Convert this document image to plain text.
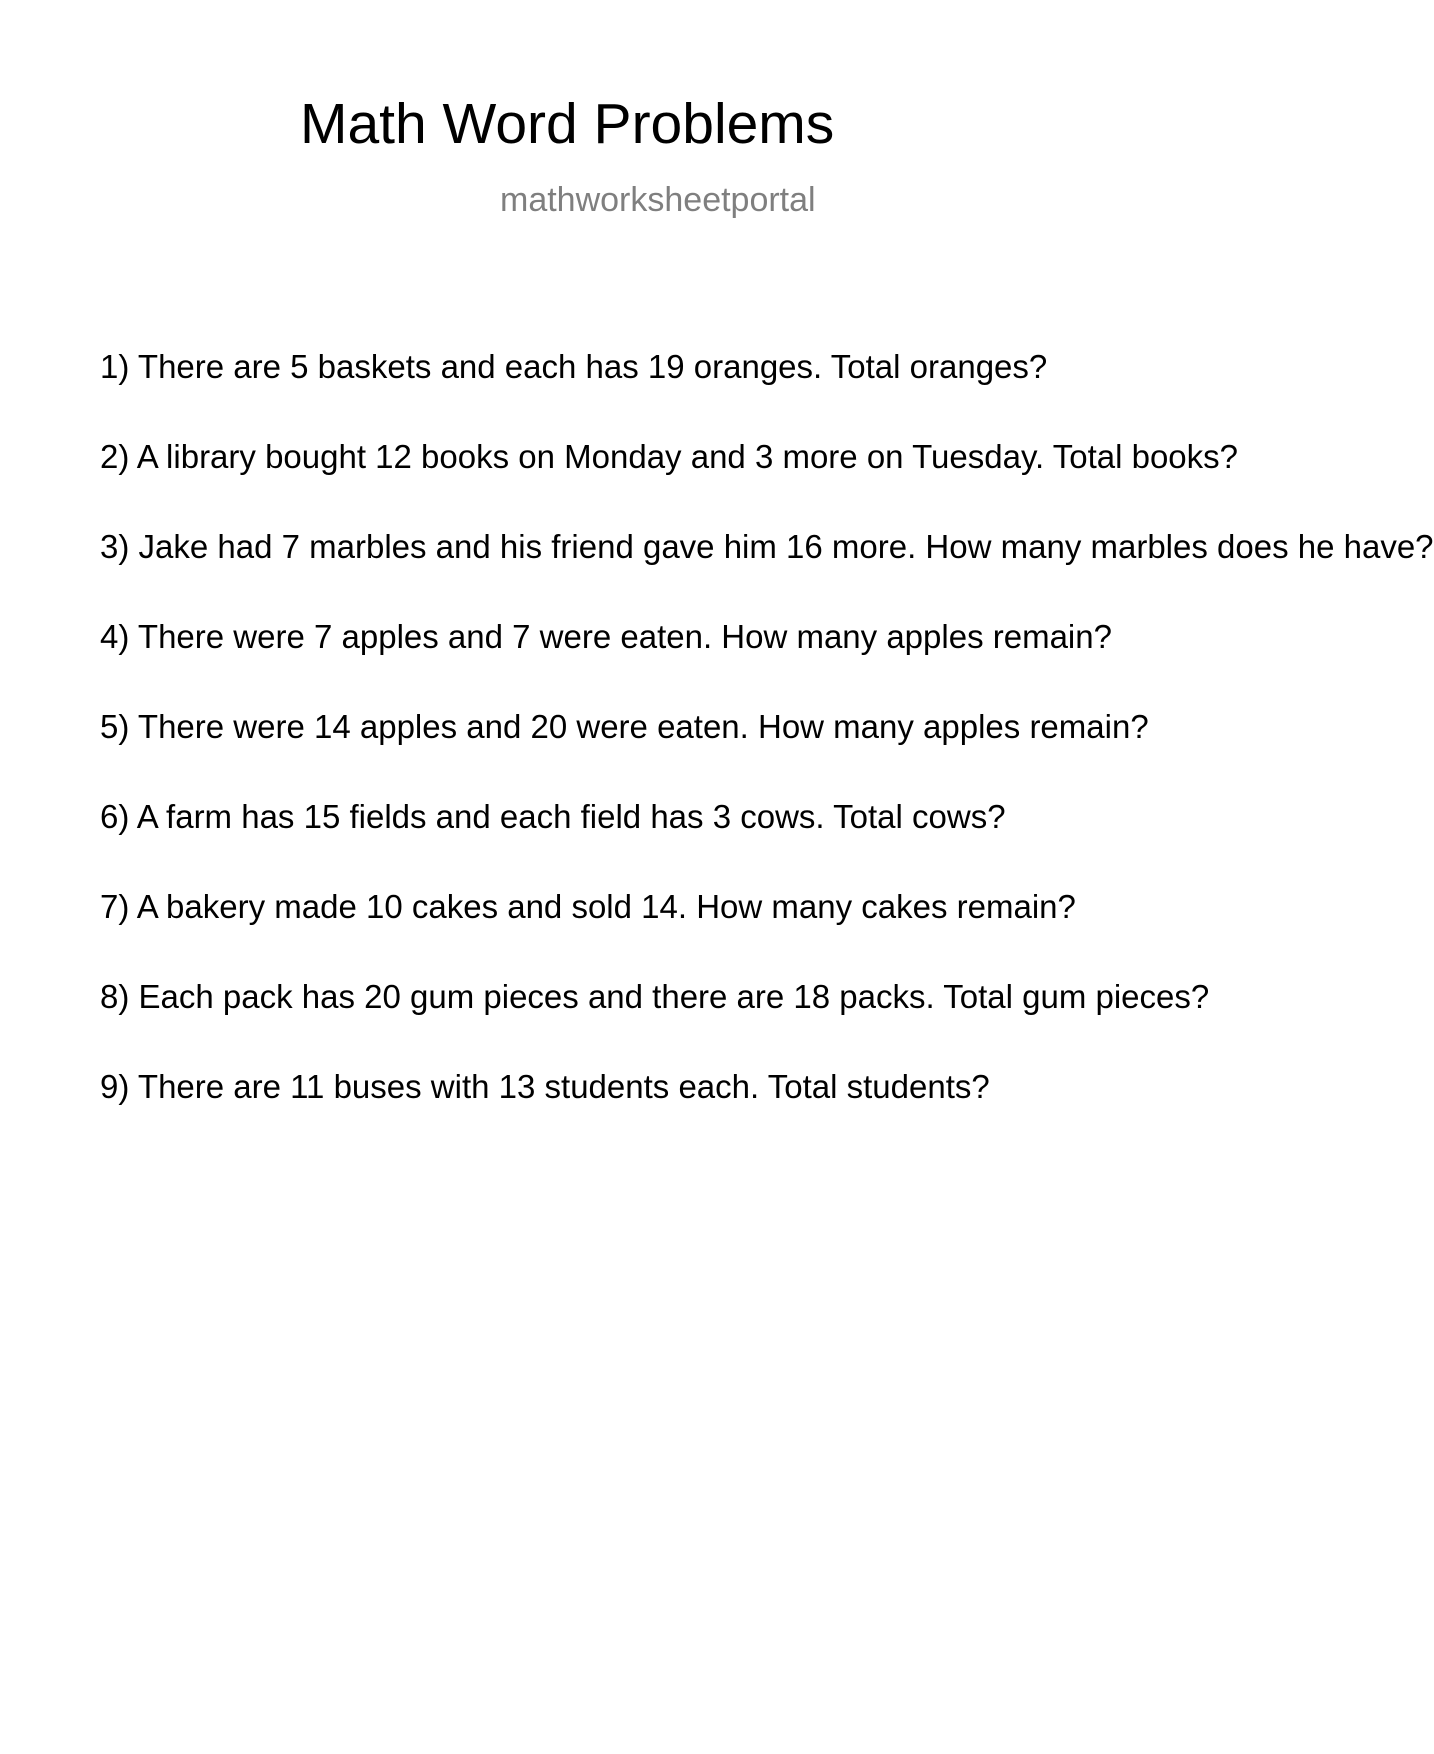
Math Word Problems
mathworksheetportal
1) There are 5 baskets and each has 19 oranges. Total oranges?
2) A library bought 12 books on Monday and 3 more on Tuesday. Total books?
3) Jake had 7 marbles and his friend gave him 16 more. How many marbles does he have?
4) There were 7 apples and 7 were eaten. How many apples remain?
5) There were 14 apples and 20 were eaten. How many apples remain?
6) A farm has 15 fields and each field has 3 cows. Total cows?
7) A bakery made 10 cakes and sold 14. How many cakes remain?
8) Each pack has 20 gum pieces and there are 18 packs. Total gum pieces?
9) There are 11 buses with 13 students each. Total students?
